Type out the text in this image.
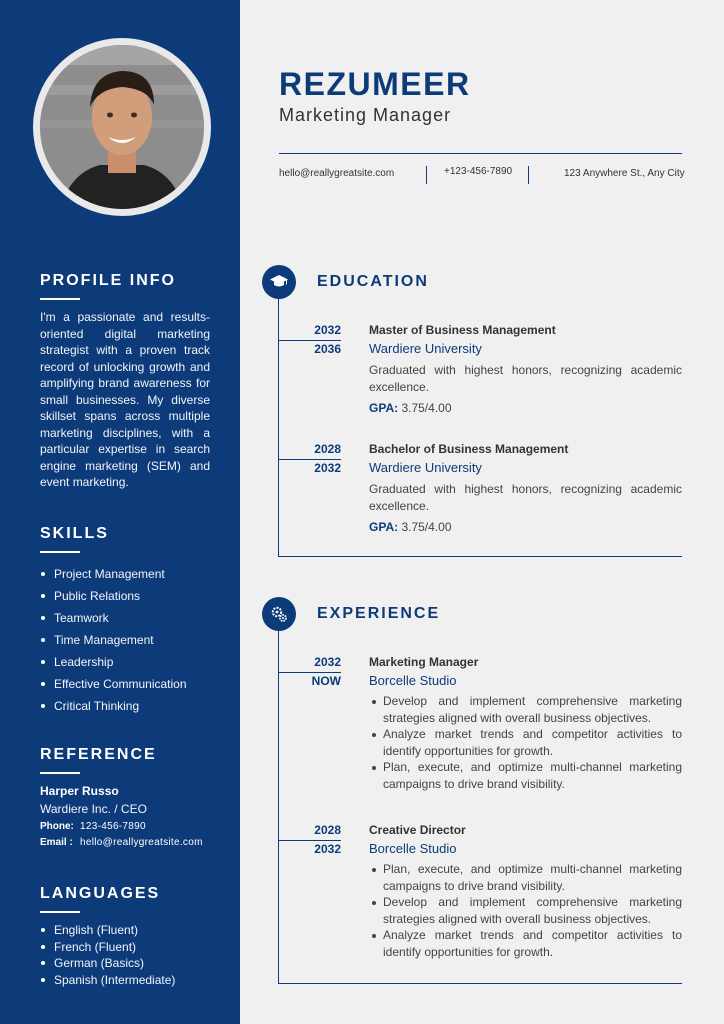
PROFILE INFO

I'm a passionate and results-oriented digital marketing strategist with a proven track record of unlocking growth and amplifying brand awareness for small businesses. My diverse skillset spans across multiple marketing disciplines, with a particular expertise in search engine marketing (SEM) and event marketing.

SKILLS
Project Management
Public Relations
Teamwork
Time Management
Leadership
Effective Communication
Critical Thinking
REFERENCE
Harper Russo
Wardiere Inc. / CEO
Phone: 123-456-7890
Email : hello@reallygreatsite.com
LANGUAGES
English (Fluent)
French (Fluent)
German (Basics)
Spanish (Intermediate)
REZUMEER
Marketing Manager
hello@reallygreatsite.com	+123-456-7890	123 Anywhere St., Any City
EDUCATION
2032
2036
Master of Business Management
Wardiere University
Graduated with highest honors, recognizing academic excellence.
GPA: 3.75/4.00
2028
2032
Bachelor of Business Management
Wardiere University
Graduated with highest honors, recognizing academic excellence.
GPA: 3.75/4.00
EXPERIENCE
2032
NOW
Marketing Manager
Borcelle Studio
Develop and implement comprehensive marketing strategies aligned with overall business objectives.
Analyze market trends and competitor activities to identify opportunities for growth.
Plan, execute, and optimize multi-channel marketing campaigns to drive brand visibility.
2028
2032
Creative Director
Borcelle Studio
Plan, execute, and optimize multi-channel marketing campaigns to drive brand visibility.
Develop and implement comprehensive marketing strategies aligned with overall business objectives.
Analyze market trends and competitor activities to identify opportunities for growth.
